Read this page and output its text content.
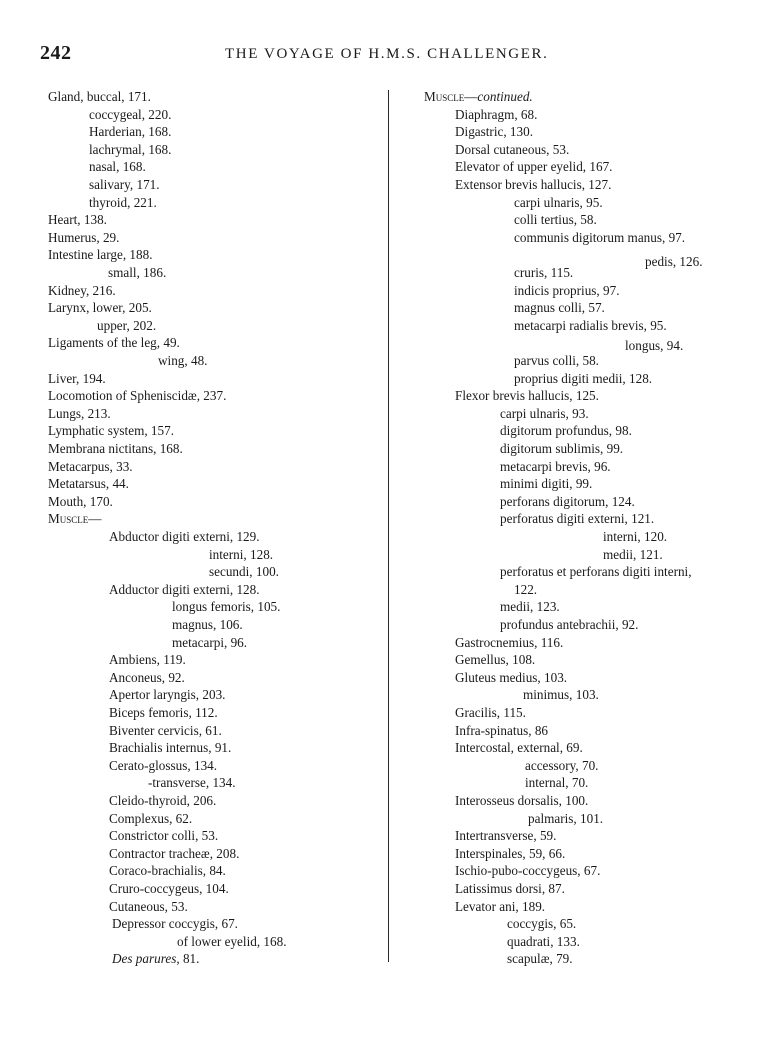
242	THE VOYAGE OF H.M.S. CHALLENGER.
Gland, buccal, 171.
coccygeal, 220.
Harderian, 168.
lachrymal, 168.
nasal, 168.
salivary, 171.
thyroid, 221.
Heart, 138.
Humerus, 29.
Intestine large, 188.
small, 186.
Kidney, 216.
Larynx, lower, 205.
upper, 202.
Ligaments of the leg, 49.
wing, 48.
Liver, 194.
Locomotion of Spheniscidæ, 237.
Lungs, 213.
Lymphatic system, 157.
Membrana nictitans, 168.
Metacarpus, 33.
Metatarsus, 44.
Mouth, 170.
Muscle—
Abductor digiti externi, 129.
interni, 128.
secundi, 100.
Adductor digiti externi, 128.
longus femoris, 105.
magnus, 106.
metacarpi, 96.
Ambiens, 119.
Anconeus, 92.
Apertor laryngis, 203.
Biceps femoris, 112.
Biventer cervicis, 61.
Brachialis internus, 91.
Cerato-glossus, 134.
-transverse, 134.
Cleido-thyroid, 206.
Complexus, 62.
Constrictor colli, 53.
Contractor tracheæ, 208.
Coraco-brachialis, 84.
Cruro-coccygeus, 104.
Cutaneous, 53.
Depressor coccygis, 67.
of lower eyelid, 168.
Des parures, 81.
Muscle—continued.
Diaphragm, 68.
Digastric, 130.
Dorsal cutaneous, 53.
Elevator of upper eyelid, 167.
Extensor brevis hallucis, 127.
carpi ulnaris, 95.
colli tertius, 58.
communis digitorum manus, 97.
pedis, 126.
cruris, 115.
indicis proprius, 97.
magnus colli, 57.
metacarpi radialis brevis, 95.
longus, 94.
parvus colli, 58.
proprius digiti medii, 128.
Flexor brevis hallucis, 125.
carpi ulnaris, 93.
digitorum profundus, 98.
digitorum sublimis, 99.
metacarpi brevis, 96.
minimi digiti, 99.
perforans digitorum, 124.
perforatus digiti externi, 121.
interni, 120.
medii, 121.
perforatus et perforans digiti interni,
122.
medii, 123.
profundus antebrachii, 92.
Gastrocnemius, 116.
Gemellus, 108.
Gluteus medius, 103.
minimus, 103.
Gracilis, 115.
Infra-spinatus, 86
Intercostal, external, 69.
accessory, 70.
internal, 70.
Interosseus dorsalis, 100.
palmaris, 101.
Intertransverse, 59.
Interspinales, 59, 66.
Ischio-pubo-coccygeus, 67.
Latissimus dorsi, 87.
Levator ani, 189.
coccygis, 65.
quadrati, 133.
scapulæ, 79.
